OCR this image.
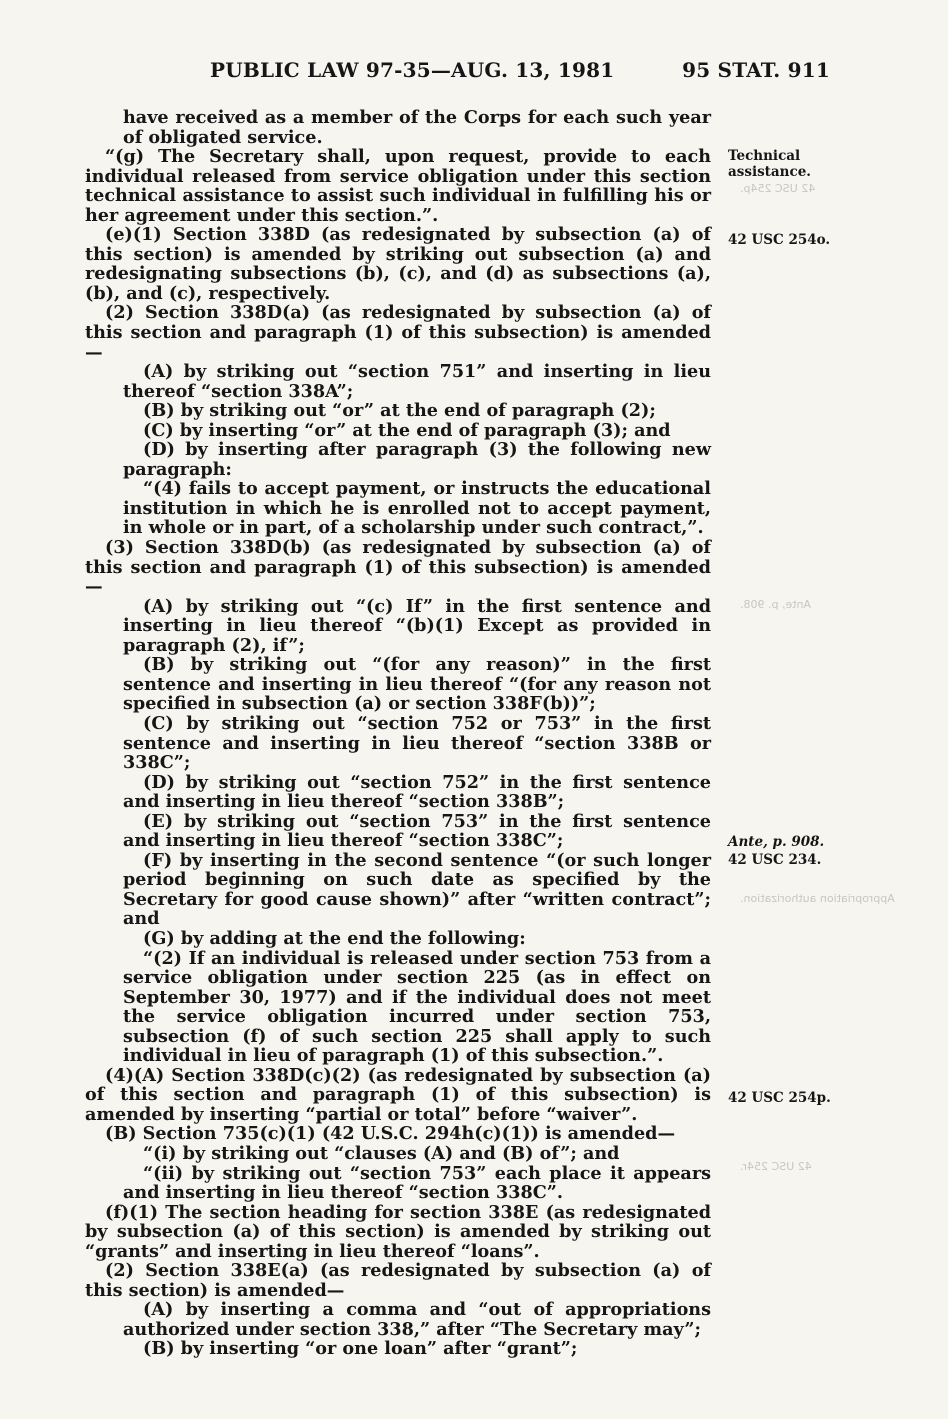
42 USC 254p.
Ante, p. 908.
Appropriation authorization.
42 USC 254r.
PUBLIC LAW 97-35—AUG. 13, 1981	95 STAT. 911

have received as a member of the Corps for each such year of obligated service.

“(g) The Secretary shall, upon request, provide to each individual released from service obligation under this section technical assistance to assist such individual in fulfilling his or her agreement under this section.”.

(e)(1) Section 338D (as redesignated by subsection (a) of this section) is amended by striking out subsection (a) and redesignating subsections (b), (c), and (d) as subsections (a), (b), and (c), respectively.

(2) Section 338D(a) (as redesignated by subsection (a) of this section and paragraph (1) of this subsection) is amended—

(A) by striking out “section 751” and inserting in lieu thereof “section 338A”;

(B) by striking out “or” at the end of paragraph (2);

(C) by inserting “or” at the end of paragraph (3); and

(D) by inserting after paragraph (3) the following new paragraph:

“(4) fails to accept payment, or instructs the educational institution in which he is enrolled not to accept payment, in whole or in part, of a scholarship under such contract,”.

(3) Section 338D(b) (as redesignated by subsection (a) of this section and paragraph (1) of this subsection) is amended—

(A) by striking out “(c) If” in the first sentence and inserting in lieu thereof “(b)(1) Except as provided in paragraph (2), if”;

(B) by striking out “(for any reason)” in the first sentence and inserting in lieu thereof “(for any reason not specified in subsection (a) or section 338F(b))”;

(C) by striking out “section 752 or 753” in the first sentence and inserting in lieu thereof “section 338B or 338C”;

(D) by striking out “section 752” in the first sentence and inserting in lieu thereof “section 338B”;

(E) by striking out “section 753” in the first sentence and inserting in lieu thereof “section 338C”;

(F) by inserting in the second sentence “(or such longer period beginning on such date as specified by the Secretary for good cause shown)” after “written contract”; and

(G) by adding at the end the following:

“(2) If an individual is released under section 753 from a service obligation under section 225 (as in effect on September 30, 1977) and if the individual does not meet the service obligation incurred under section 753, subsection (f) of such section 225 shall apply to such individual in lieu of paragraph (1) of this subsection.”.

(4)(A) Section 338D(c)(2) (as redesignated by subsection (a) of this section and paragraph (1) of this subsection) is amended by inserting “partial or total” before “waiver”.

(B) Section 735(c)(1) (42 U.S.C. 294h(c)(1)) is amended—

“(i) by striking out “clauses (A) and (B) of”; and

“(ii) by striking out “section 753” each place it appears and inserting in lieu thereof “section 338C”.

(f)(1) The section heading for section 338E (as redesignated by subsection (a) of this section) is amended by striking out “grants” and inserting in lieu thereof “loans”.

(2) Section 338E(a) (as redesignated by subsection (a) of this section) is amended—

(A) by inserting a comma and “out of appropriations authorized under section 338,” after “The Secretary may”;

(B) by inserting “or one loan” after “grant”;

Technical
assistance.
42 USC 254o.
Ante, p. 908.
42 USC 234.
42 USC 254p.
